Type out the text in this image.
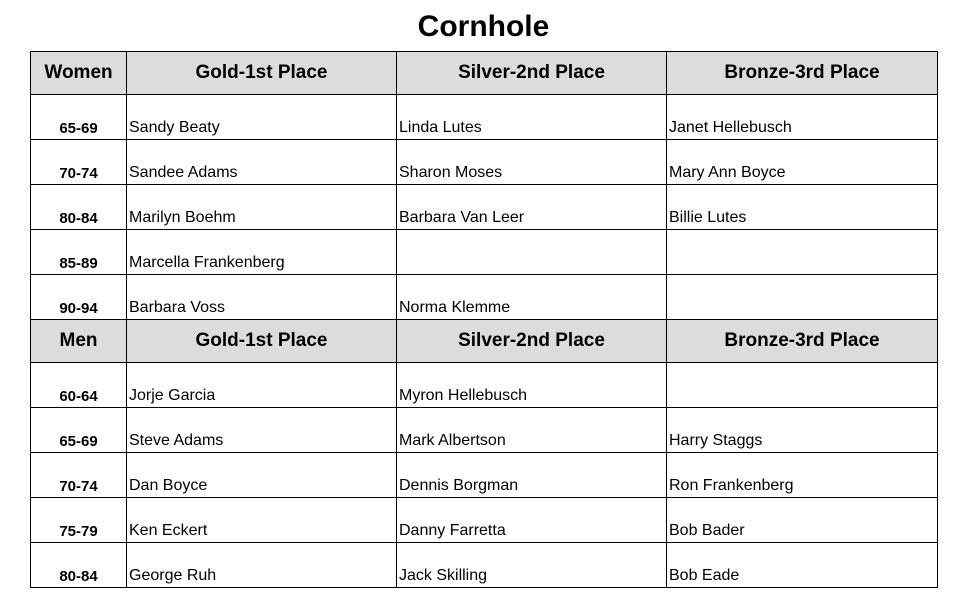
Cornhole
Women	Gold-1st Place	Silver-2nd Place	Bronze-3rd Place
65-69	Sandy Beaty	Linda Lutes	Janet Hellebusch
70-74	Sandee Adams	Sharon Moses	Mary Ann Boyce
80-84	Marilyn Boehm	Barbara Van Leer	Billie Lutes
85-89	Marcella Frankenberg		
90-94	Barbara Voss	Norma Klemme	
Men	Gold-1st Place	Silver-2nd Place	Bronze-3rd Place
60-64	Jorje Garcia	Myron Hellebusch	
65-69	Steve Adams	Mark Albertson	Harry Staggs
70-74	Dan Boyce	Dennis Borgman	Ron Frankenberg
75-79	Ken Eckert	Danny Farretta	Bob Bader
80-84	George Ruh	Jack Skilling	Bob Eade
